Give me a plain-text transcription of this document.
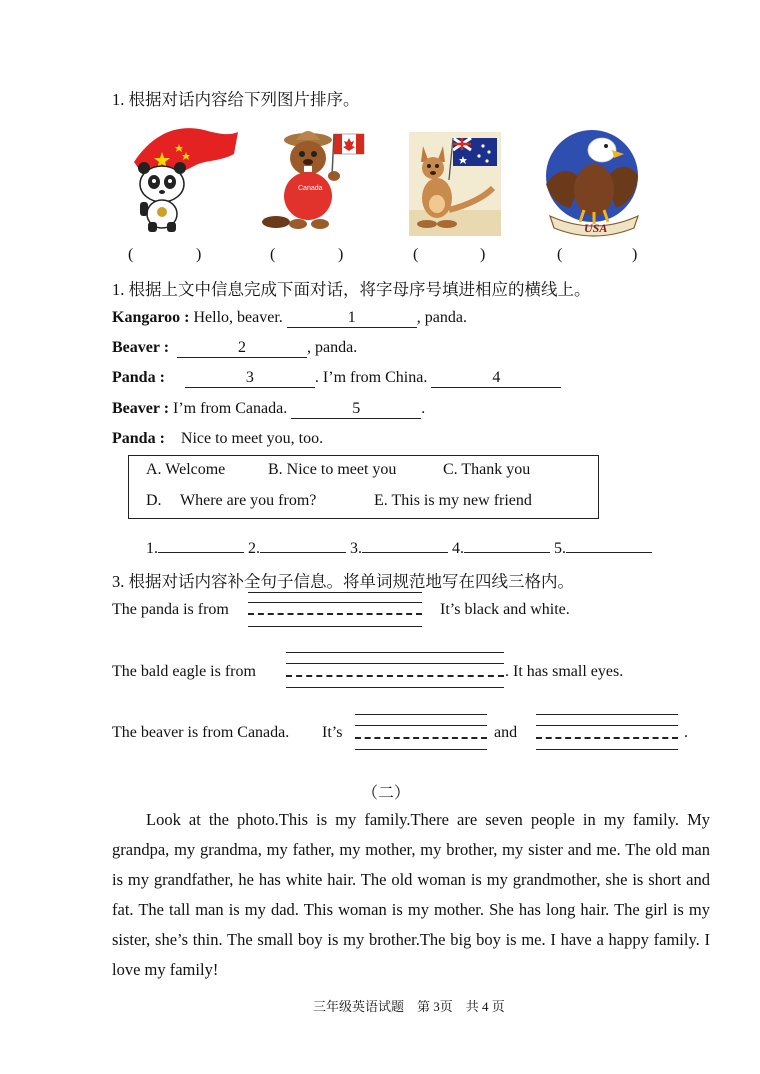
1. 根据对话内容给下列图片排序。
Canada
USA
(	)	(	)	(	)	(	)
1. 根据上文中信息完成下面对话，将字母序号填进相应的横线上。
Kangaroo : Hello, beaver.	1	, panda.
Beaver :	2	, panda.
Panda :	3	. I’m from China.	4
Beaver : I’m from Canada.	5	.
Panda : Nice to meet you, too.
A. Welcome	B. Nice to meet you	C. Thank you
D. Where are you from?	E. This is my new friend
1.	2.	3.	4.	5.
3. 根据对话内容补全句子信息。将单词规范地写在四线三格内。
The panda is from	It’s black and white.
The bald eagle is from	. It has small eyes.
The beaver is from Canada. It’s	and	.
（二）

Look at the photo.This is my family.There are seven people in my family. My grandpa, my grandma, my father, my mother, my brother, my sister and me. The old man is my grandfather, he has white hair. The old woman is my grandmother, she is short and fat. The tall man is my dad. This woman is my mother. She has long hair. The girl is my sister, she’s thin. The small boy is my brother.The big boy is me. I have a happy family. I love my family!

三年级英语试题　第 3页　共 4 页
